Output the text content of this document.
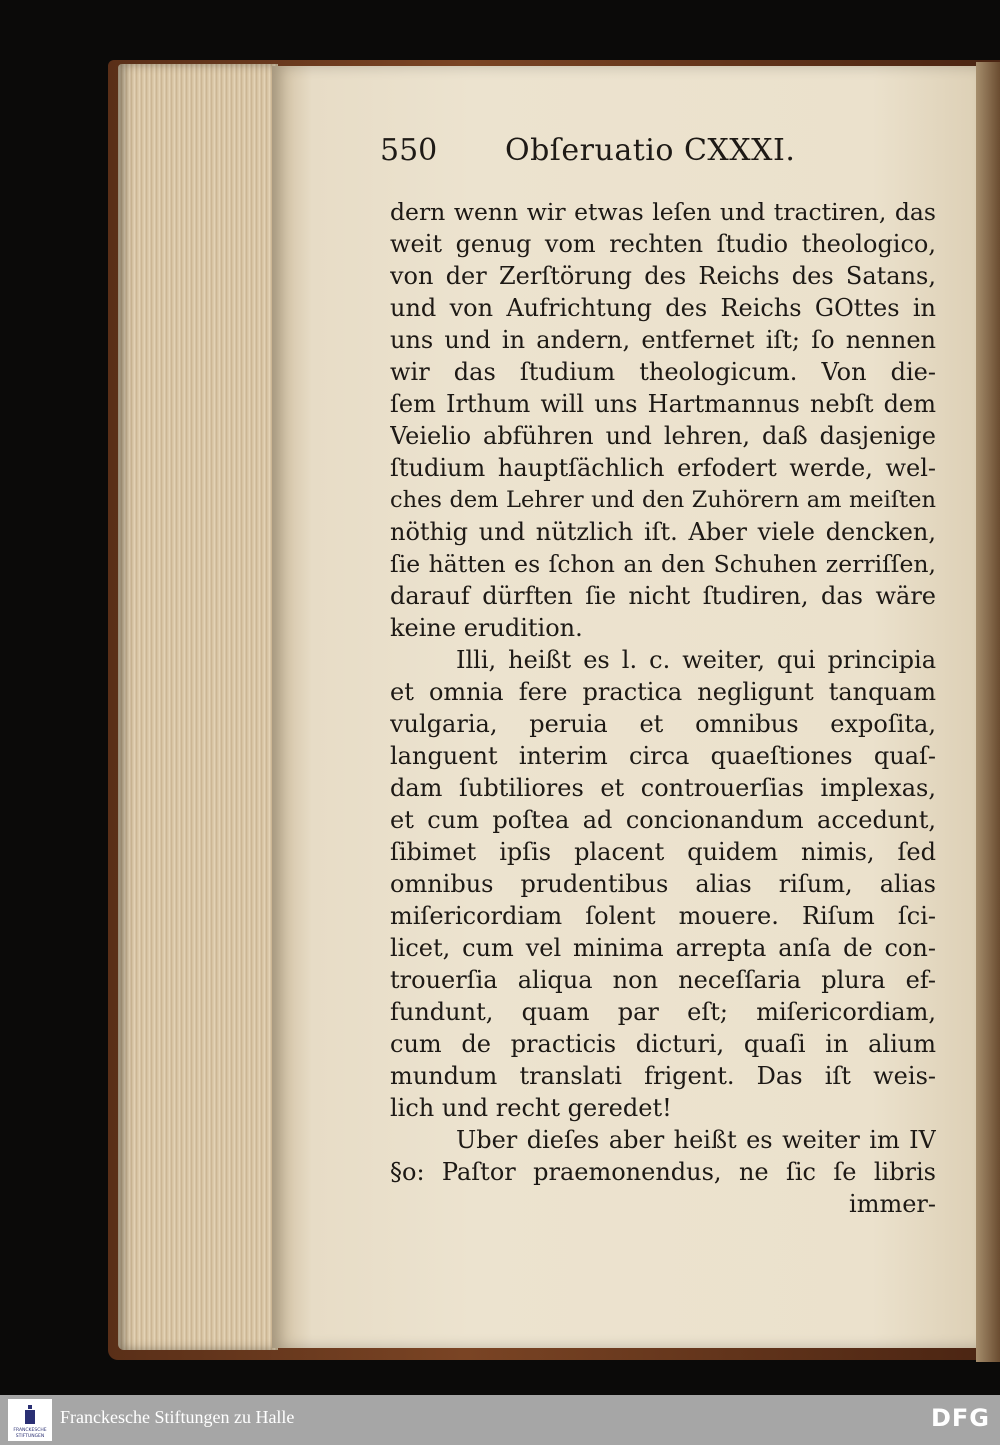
550 Obſeruatio CXXXI.
dern wenn wir etwas leſen und tractiren, das
weit genug vom rechten ſtudio theologico,
von der Zerſtörung des Reichs des Satans,
und von Aufrichtung des Reichs GOttes in
uns und in andern, entfernet iſt; ſo nennen
wir das ſtudium theologicum. Von die-
ſem Irthum will uns Hartmannus nebſt dem
Veielio abführen und lehren, daß dasjenige
ſtudium hauptſächlich erfodert werde, wel-
ches dem Lehrer und den Zuhörern am meiſten
nöthig und nützlich iſt. Aber viele dencken,
ſie hätten es ſchon an den Schuhen zerriſſen,
darauf dürften ſie nicht ſtudiren, das wäre
keine erudition.
Illi, heißt es l. c. weiter, qui principia
et omnia fere practica negligunt tanquam
vulgaria, peruia et omnibus expoſita,
languent interim circa quaeſtiones quaſ-
dam ſubtiliores et controuerſias implexas,
et cum poſtea ad concionandum accedunt,
ſibimet ipſis placent quidem nimis, ſed
omnibus prudentibus alias riſum, alias
miſericordiam ſolent mouere. Riſum ſci-
licet, cum vel minima arrepta anſa de con-
trouerſia aliqua non neceſſaria plura ef-
fundunt, quam par eſt; miſericordiam,
cum de practicis dicturi, quaſi in alium
mundum translati frigent. Das iſt weis-
lich und recht geredet!
Uber dieſes aber heißt es weiter im IV
§o: Paſtor praemonendus, ne ſic ſe libris
immer-
FRANCKESCHE
STIFTUNGEN
Franckesche Stiftungen zu Halle	DFG
